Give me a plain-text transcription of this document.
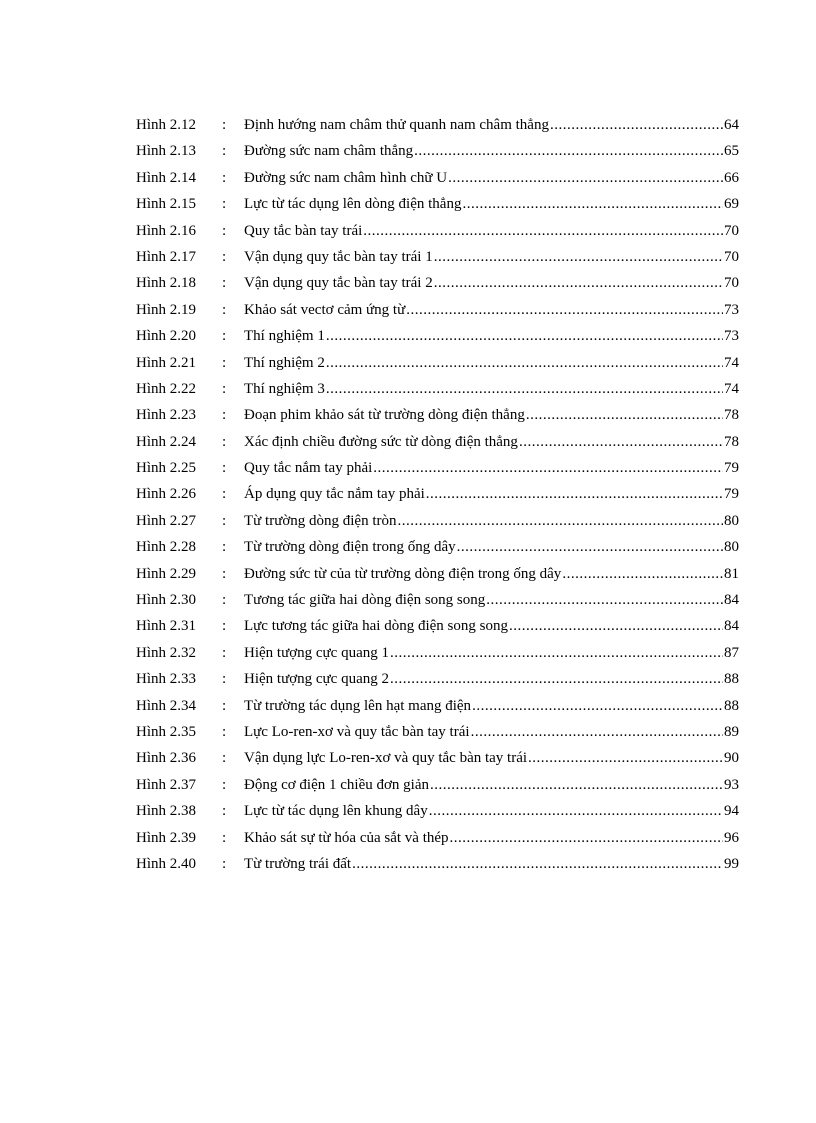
Hình 2.12	:	Định hướng nam châm thử quanh nam châm thẳng .....	64
Hình 2.13	:	Đường sức nam châm thẳng .....	65
Hình 2.14	:	Đường sức nam châm hình chữ U .....	66
Hình 2.15	:	Lực từ tác dụng lên dòng điện thẳng .....	69
Hình 2.16	:	Quy tắc bàn tay trái .....	70
Hình 2.17	:	Vận dụng quy tắc bàn tay trái 1 .....	70
Hình 2.18	:	Vận dụng quy tắc bàn tay trái 2 .....	70
Hình 2.19	:	Khảo sát vectơ cảm ứng từ .....	73
Hình 2.20	:	Thí nghiệm 1 .....	73
Hình 2.21	:	Thí nghiệm 2 .....	74
Hình 2.22	:	Thí nghiệm 3 .....	74
Hình 2.23	:	Đoạn phim khảo sát từ trường dòng điện thẳng .....	78
Hình 2.24	:	Xác định chiều đường sức từ dòng điện thẳng .....	78
Hình 2.25	:	Quy tắc nắm tay phải .....	79
Hình 2.26	:	Áp dụng quy tắc nắm tay phải .....	79
Hình 2.27	:	Từ trường dòng điện tròn .....	80
Hình 2.28	:	Từ trường dòng điện trong ống dây .....	80
Hình 2.29	:	Đường sức từ của từ trường dòng điện trong ống dây .....	81
Hình 2.30	:	Tương tác giữa hai dòng điện song song .....	84
Hình 2.31	:	Lực tương tác giữa hai dòng điện song song .....	84
Hình 2.32	:	Hiện tượng cực quang 1 .....	87
Hình 2.33	:	Hiện tượng cực quang 2 .....	88
Hình 2.34	:	Từ trường tác dụng lên hạt mang điện .....	88
Hình 2.35	:	Lực Lo-ren-xơ và quy tắc bàn tay trái .....	89
Hình 2.36	:	Vận dụng lực Lo-ren-xơ và quy tắc bàn tay trái .....	90
Hình 2.37	:	Động cơ điện 1 chiều đơn giản .....	93
Hình 2.38	:	Lực từ tác dụng lên khung dây .....	94
Hình 2.39	:	Khảo sát sự từ hóa của sắt và thép .....	96
Hình 2.40	:	Từ trường trái đất .....	99
